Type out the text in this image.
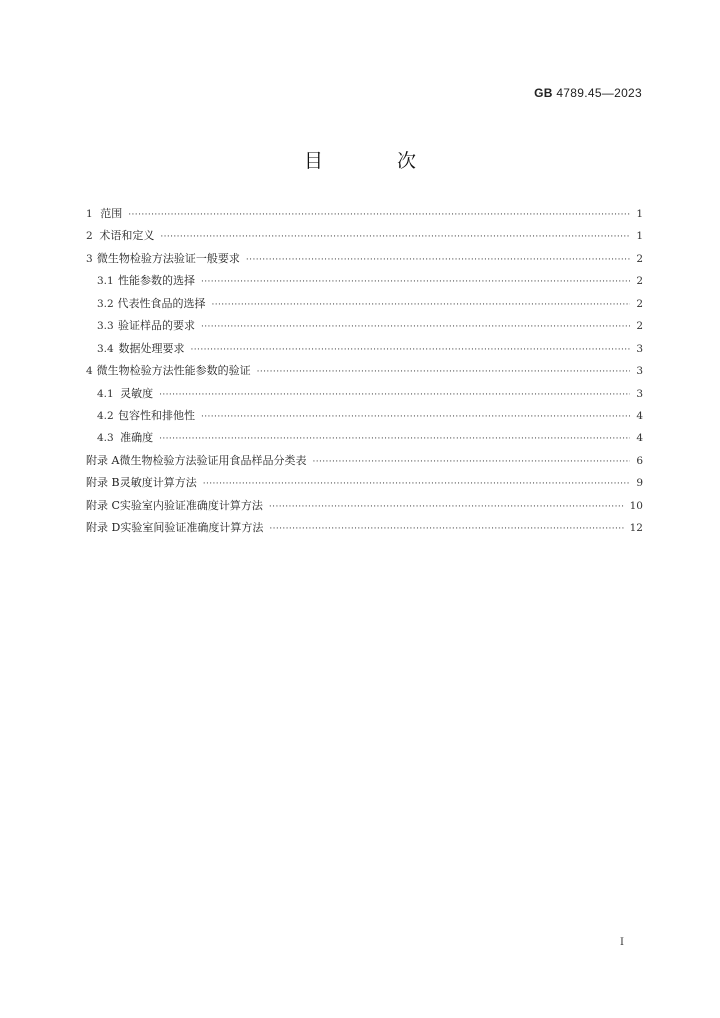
GB 4789.45—2023
目 次
1 范围 ·····	1
2 术语和定义 ·····	1
3 微生物检验方法验证一般要求 ·····	2
3.1 性能参数的选择 ·····	2
3.2 代表性食品的选择 ·····	2
3.3 验证样品的要求 ·····	2
3.4 数据处理要求 ·····	3
4 微生物检验方法性能参数的验证 ·····	3
4.1 灵敏度 ·····	3
4.2 包容性和排他性 ·····	4
4.3 准确度 ·····	4
附录 A 微生物检验方法验证用食品样品分类表 ·····	6
附录 B 灵敏度计算方法 ·····	9
附录 C 实验室内验证准确度计算方法 ·····	10
附录 D 实验室间验证准确度计算方法 ·····	12
I
